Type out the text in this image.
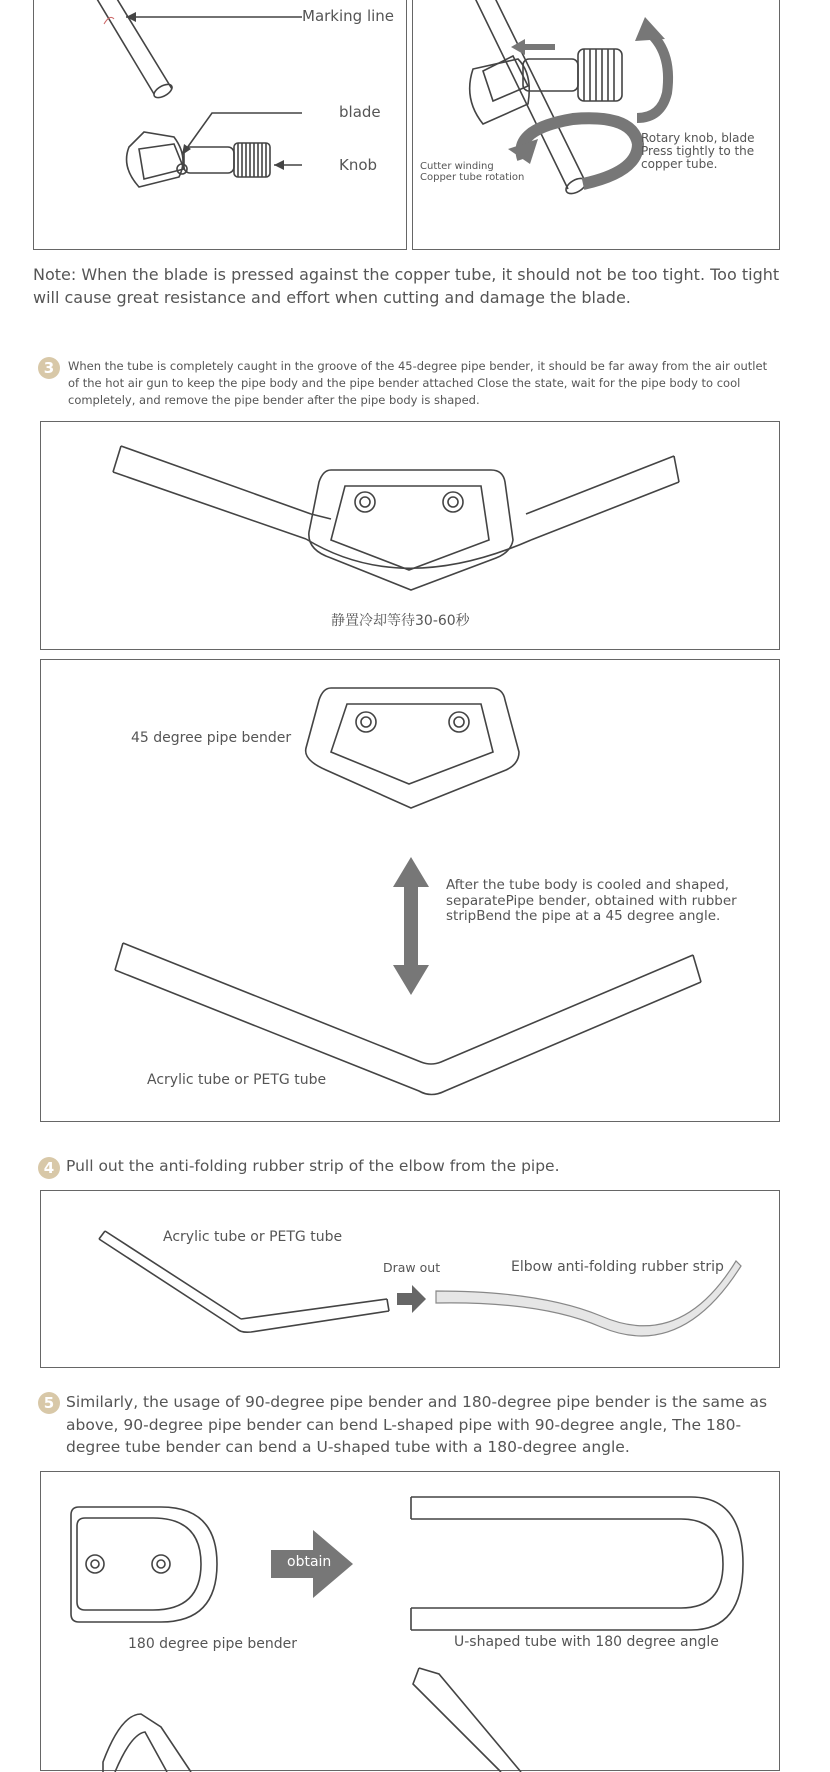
Marking line
blade
Knob
Rotary knob, blade
Press tightly to the
copper tube.
Cutter winding
Copper tube rotation
Note: When the blade is pressed against the copper tube, it should not be too tight. Too tight will cause great resistance and effort when cutting and damage the blade.
3	When the tube is completely caught in the groove of the 45-degree pipe bender, it should be far away from the air outlet of the hot air gun to keep the pipe body and the pipe bender attached Close the state, wait for the pipe body to cool completely, and remove the pipe bender after the pipe body is shaped.
静置冷却等待30-60秒
45 degree pipe bender
After the tube body is cooled and shaped,
separatePipe bender, obtained with rubber
stripBend the pipe at a 45 degree angle.
Acrylic tube or PETG tube
4 Pull out the anti-folding rubber strip of the elbow from the pipe.
Acrylic tube or PETG tube
Draw out	Elbow anti-folding rubber strip
5 Similarly, the usage of 90-degree pipe bender and 180-degree pipe bender is the same as above, 90-degree pipe bender can bend L-shaped pipe with 90-degree angle, The 180-degree tube bender can bend a U-shaped tube with a 180-degree angle.
obtain
180 degree pipe bender	U-shaped tube with 180 degree angle
